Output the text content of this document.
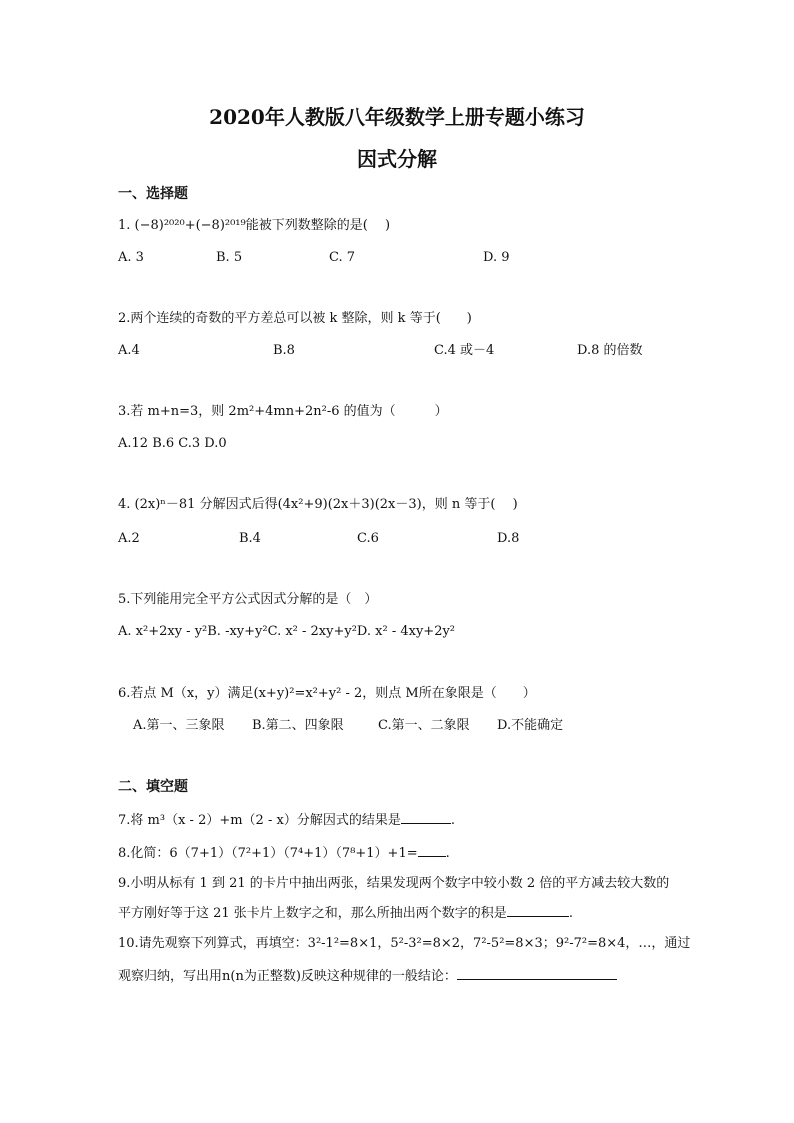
2020年人教版八年级数学上册专题小练习
因式分解
一、选择题
1. (−8)²⁰²⁰+(−8)²⁰¹⁹能被下列数整除的是(　 )
A. 3	B. 5	C. 7	D. 9
2.两个连续的奇数的平方差总可以被 k 整除，则 k 等于(　　)
A.4	B.8	C.4 或－4	D.8 的倍数
3.若 m+n=3，则 2m²+4mn+2n²-6 的值为（　　　）
A.12 B.6 C.3 D.0
4. (2x)ⁿ－81 分解因式后得(4x²+9)(2x＋3)(2x－3)，则 n 等于(　 )
A.2	B.4	C.6	D.8
5.下列能用完全平方公式因式分解的是（　）
A. x²+2xy - y²B. -xy+y²C. x² - 2xy+y²D. x² - 4xy+2y²
6.若点 M（x，y）满足(x+y)²=x²+y² - 2，则点 M所在象限是（　　）
A.第一、三象限 B.第二、四象限	C.第一、二象限 D.不能确定
二、填空题
7.将 m³（x - 2）+m（2 - x）分解因式的结果是	.
8.化简：6（7+1）（7²+1）（7⁴+1）（7⁸+1）+1= .
9.小明从标有 1 到 21 的卡片中抽出两张，结果发现两个数字中较小数 2 倍的平方减去较大数的
平方刚好等于这 21 张卡片上数字之和，那么所抽出两个数字的积是	.
10.请先观察下列算式，再填空：3²-1²=8×1，5²-3²=8×2，7²-5²=8×3；9²-7²=8×4，…，通过
观察归纳，写出用n(n为正整数)反映这种规律的一般结论：
